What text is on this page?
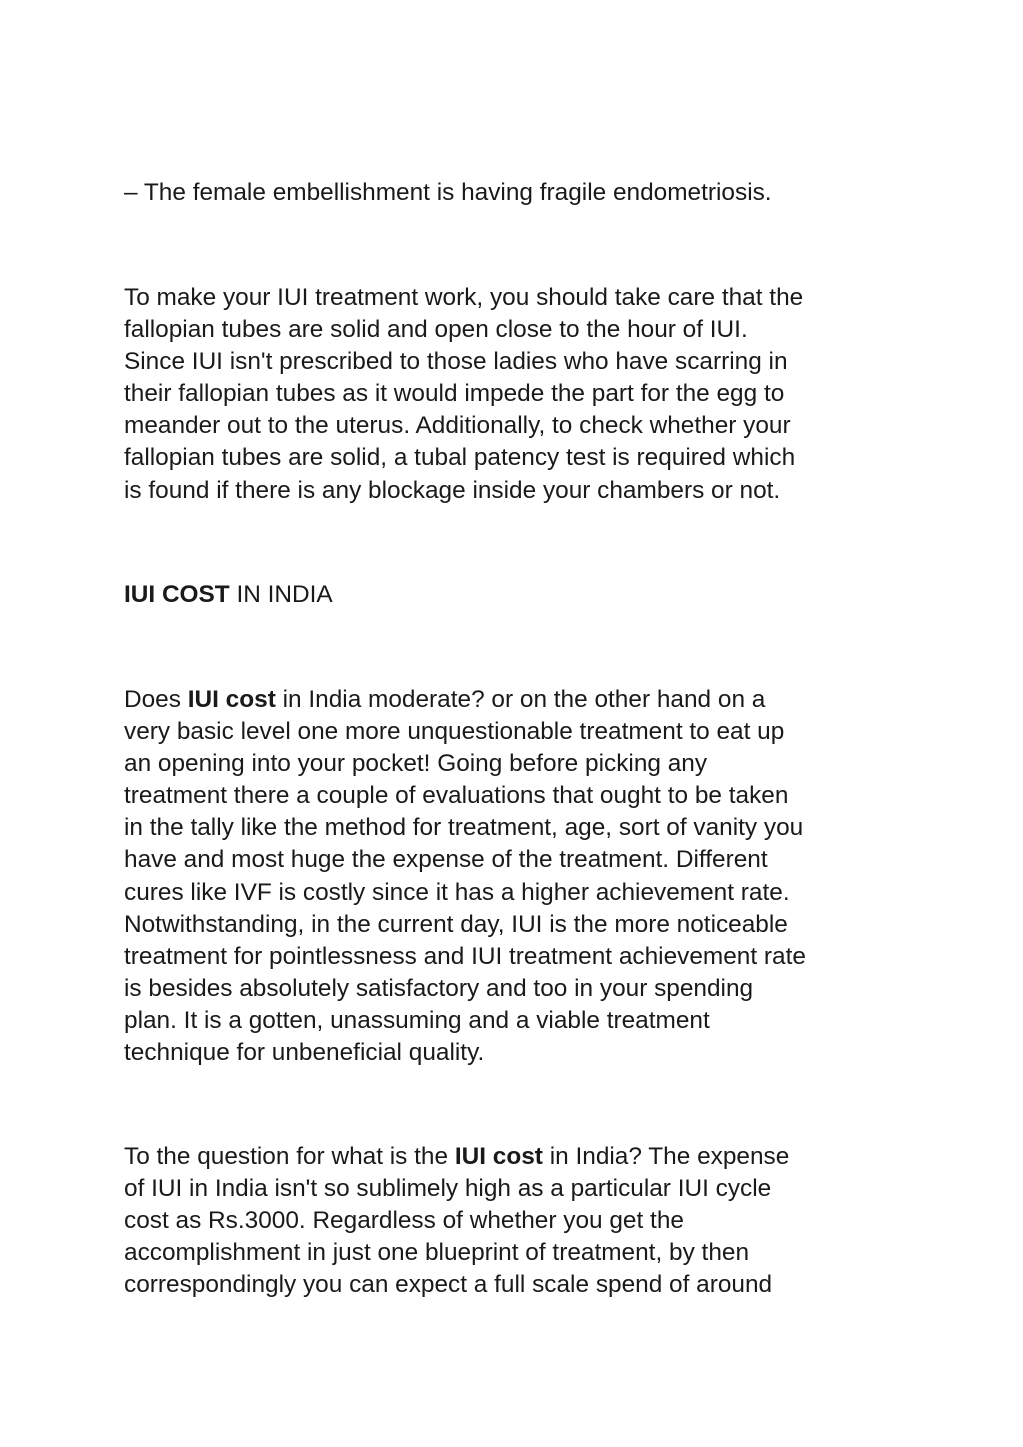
– The female embellishment is having fragile endometriosis.

To make your IUI treatment work, you should take care that the
fallopian tubes are solid and open close to the hour of IUI.
Since IUI isn't prescribed to those ladies who have scarring in
their fallopian tubes as it would impede the part for the egg to
meander out to the uterus. Additionally, to check whether your
fallopian tubes are solid, a tubal patency test is required which
is found if there is any blockage inside your chambers or not.

IUI COST IN INDIA

Does IUI cost in India moderate? or on the other hand on a
very basic level one more unquestionable treatment to eat up
an opening into your pocket! Going before picking any
treatment there a couple of evaluations that ought to be taken
in the tally like the method for treatment, age, sort of vanity you
have and most huge the expense of the treatment. Different
cures like IVF is costly since it has a higher achievement rate.
Notwithstanding, in the current day, IUI is the more noticeable
treatment for pointlessness and IUI treatment achievement rate
is besides absolutely satisfactory and too in your spending
plan. It is a gotten, unassuming and a viable treatment
technique for unbeneficial quality.

To the question for what is the IUI cost in India? The expense
of IUI in India isn't so sublimely high as a particular IUI cycle
cost as Rs.3000. Regardless of whether you get the
accomplishment in just one blueprint of treatment, by then
correspondingly you can expect a full scale spend of around
